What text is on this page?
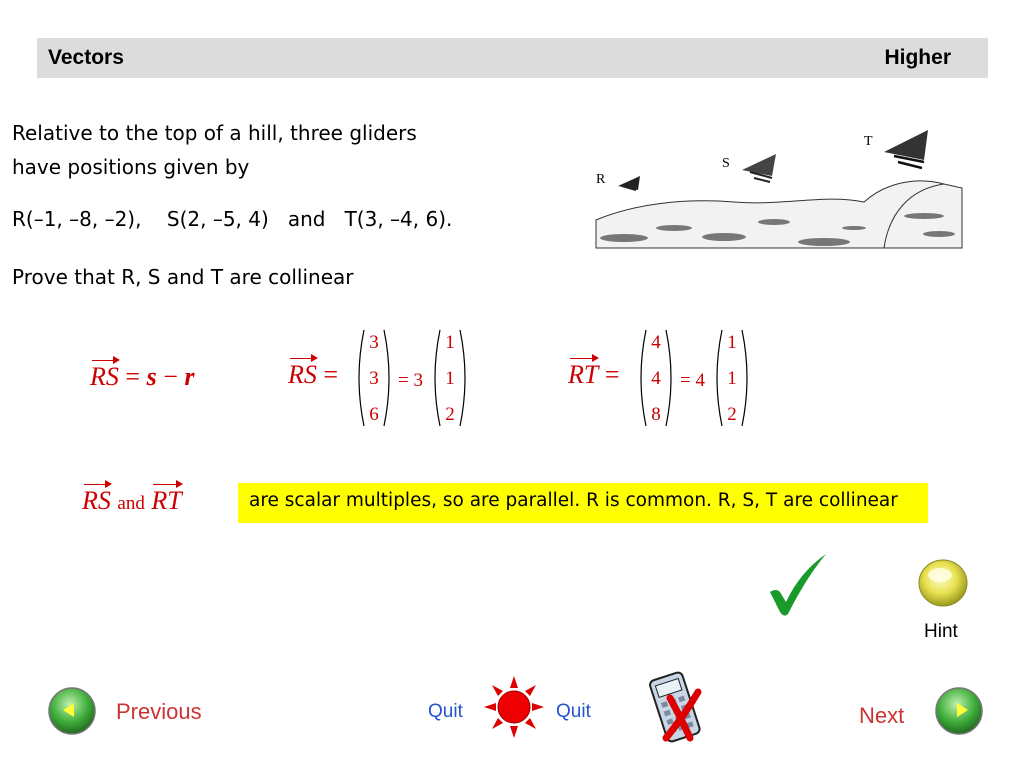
Vectors	Higher
Relative to the top of a hill, three gliders
have positions given by
R(–1, –8, –2),    S(2, –5, 4)   and   T(3, –4, 6).
Prove that R, S and T are collinear
R
S
T
RS = s − r	RS =
3
3
6
= 3
1
1
2
RT =
4
4
8
= 4
1
1
2
RS and RT	are scalar multiples, so are parallel. R is common. R, S, T are collinear
Hint
Previous	Quit	Quit	Next
